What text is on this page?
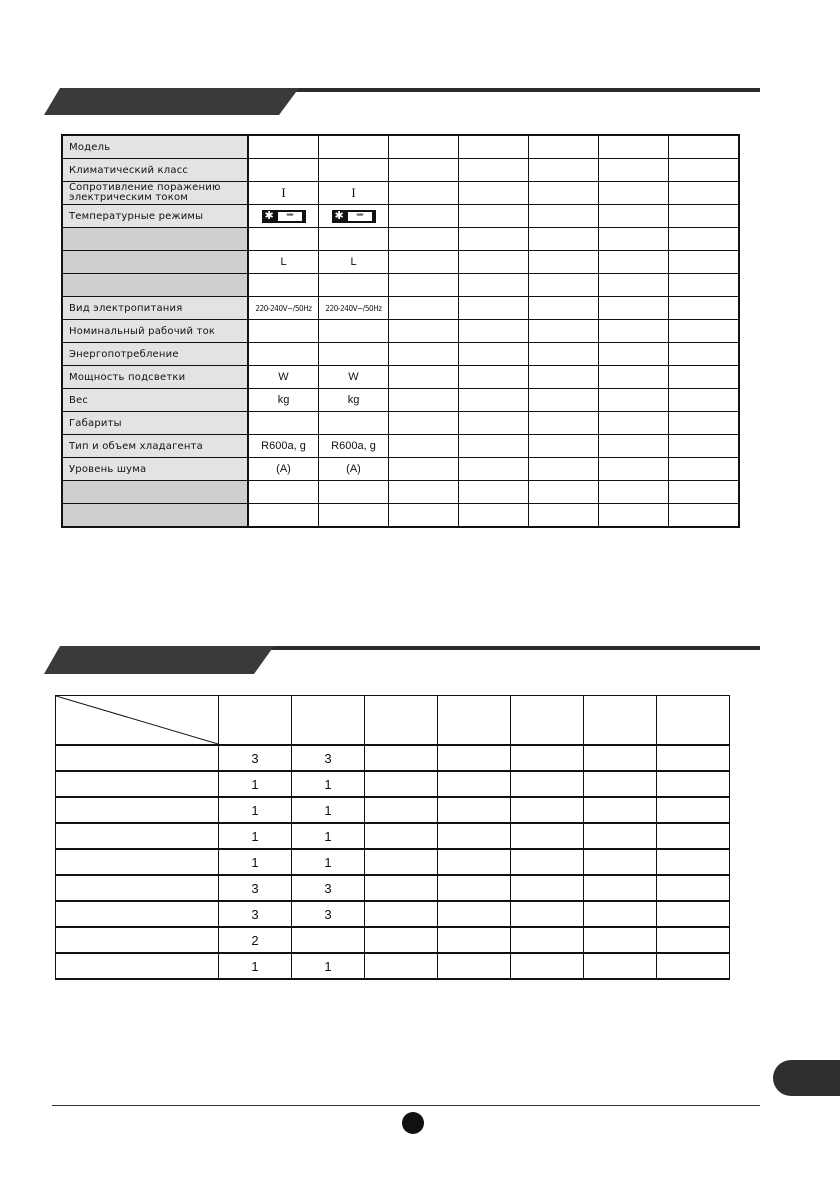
Модель							
Климатический класс							
Сопротивление поражению электрическим током	I	I					
Температурные режимы	✱ ***	✱ ***					

	L	L					

Вид электропитания	220-240V~/50Hz	220-240V~/50Hz					
Номинальный рабочий ток							
Энергопотребление							
Мощность подсветки	W	W					
Вес	kg	kg					
Габариты							
Тип и объем хладагента	R600a, g	R600a, g					
Уровень шума	(A)	(A)					

	3	3					
	1	1					
	1	1					
	1	1					
	1	1					
	3	3					
	3	3					
	2						
	1	1					
